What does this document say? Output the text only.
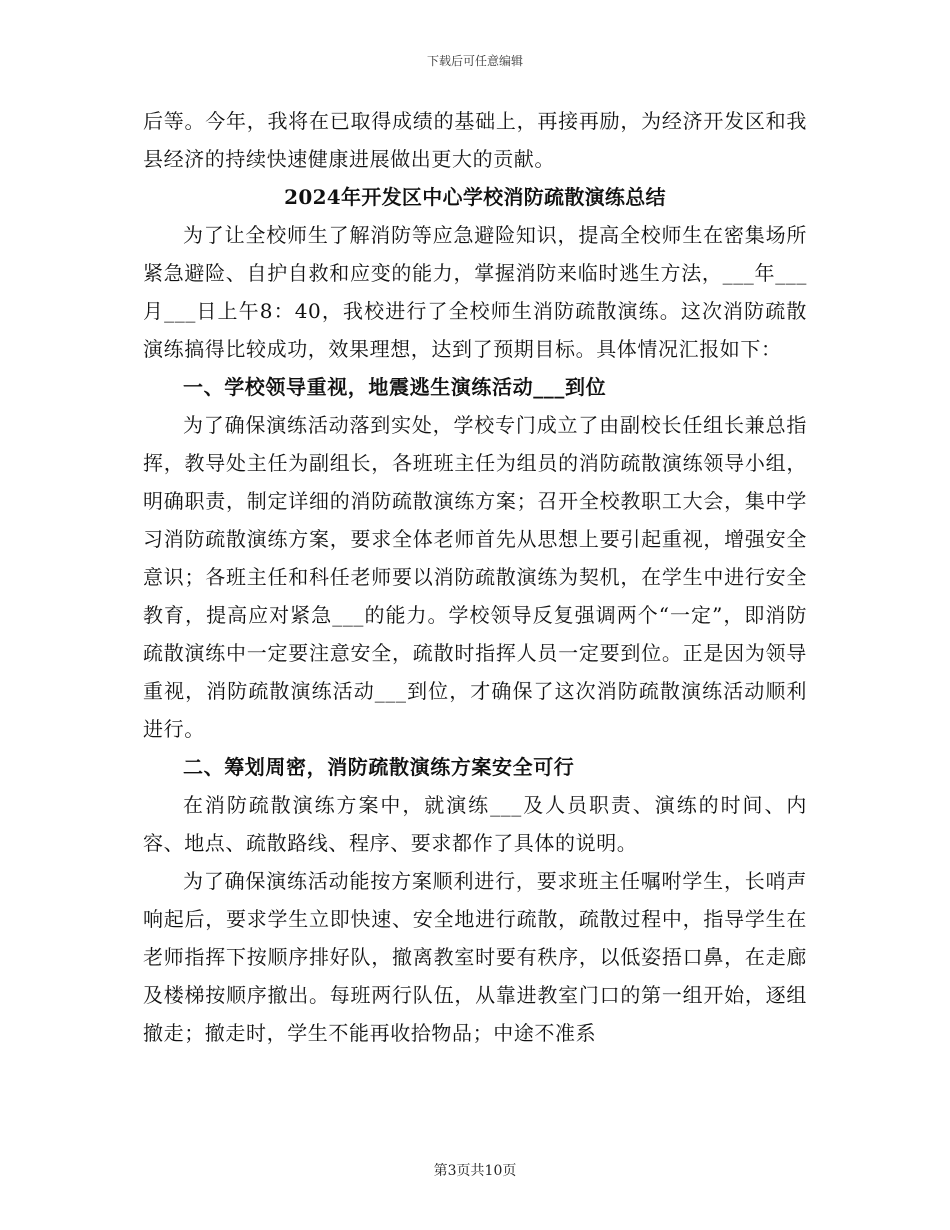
下载后可任意编辑

后等。今年，我将在已取得成绩的基础上，再接再励，为经济开发区和我县经济的持续快速健康进展做出更大的贡献。

2024年开发区中心学校消防疏散演练总结

为了让全校师生了解消防等应急避险知识，提高全校师生在密集场所紧急避险、自护自救和应变的能力，掌握消防来临时逃生方法，___年___月___日上午8：40，我校进行了全校师生消防疏散演练。这次消防疏散演练搞得比较成功，效果理想，达到了预期目标。具体情况汇报如下：

一、学校领导重视，地震逃生演练活动___到位

为了确保演练活动落到实处，学校专门成立了由副校长任组长兼总指挥，教导处主任为副组长，各班班主任为组员的消防疏散演练领导小组，明确职责，制定详细的消防疏散演练方案；召开全校教职工大会，集中学习消防疏散演练方案，要求全体老师首先从思想上要引起重视，增强安全意识；各班主任和科任老师要以消防疏散演练为契机，在学生中进行安全教育，提高应对紧急___的能力。学校领导反复强调两个“一定”，即消防疏散演练中一定要注意安全，疏散时指挥人员一定要到位。正是因为领导重视，消防疏散演练活动___到位，才确保了这次消防疏散演练活动顺利进行。

二、筹划周密，消防疏散演练方案安全可行

在消防疏散演练方案中，就演练___及人员职责、演练的时间、内容、地点、疏散路线、程序、要求都作了具体的说明。

为了确保演练活动能按方案顺利进行，要求班主任嘱咐学生，长哨声响起后，要求学生立即快速、安全地进行疏散，疏散过程中，指导学生在老师指挥下按顺序排好队，撤离教室时要有秩序，以低姿捂口鼻，在走廊及楼梯按顺序撤出。每班两行队伍，从靠进教室门口的第一组开始，逐组撤走；撤走时，学生不能再收拾物品；中途不准系

第3页共10页
